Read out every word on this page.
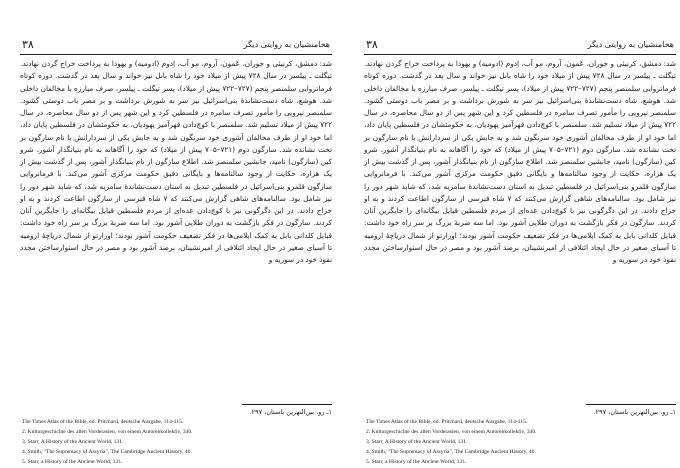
۳۸	هخامنشیان به روایتی دیگر

شد: دمشق، کرنیئی و حوران، عَمون، آروم، مو آب، اِدوم (ادومیه) و یهودا به پرداخت خراج گردن نهادند. تیگلت ـ پیلسر در سال ۷۲۸ پیش از میلاد خود را شاه بابل نیز خواند و سال بعد در گذشت. دوره کوتاه فرمانروایی سلمنصر پنجم (۷۲۷–۷۲۲ پیش از میلاد)، پسر تیگلت ـ پیلسر، صرف مبارزه با مخالفان داخلی شد. هوشع، شاه دست‌نشاندهٔ بنی‌اسرائیل نیز سر به شورش برداشت و بر مصر باب دوستی گشود. سلمنصر نیرویی را مأمور تصرف سامره در فلسطین کرد و این شهر پس از دو سال محاصره، در سال ۷۲۲ پیش از میلاد تسلیم شد. سلمنصر با کوچ‌دادن قهرآمیز یهودیان، به حکومتشان در فلسطین پایان داد، اما خود او از طرف مخالفان آشوری خود سرنگون شد و به جایش یکی از سردارانش با نام سارگون بر تخت نشانده شد. سارگون دوم (۷۲۱–۷۰۵ پیش از میلاد) که خود را آگاهانه به نام بنیانگذار آشور، شرو کین (سارگون) نامید، جانشین سلمنصر شد. اطلاع سارگون از نام بنیانگذار آشور، پس از گذشت بیش از یک هزاره، حکایت از وجود سالنامه‌ها و بایگانی دقیق حکومت مرکزی آشور می‌کند. با فرمانروایی سارگون قلمرو بنی‌اسرائیل در فلسطین تبدیل به استان دست‌نشاندهٔ سامریه شد، که شاید شهر دور را نیز شامل بود. سالنامه‌های شاهی گزارش می‌کنند که ۷ شاه قبرسی از سارگون اطاعت کردند و به او خراج دادند. در این دگرگونی نیز با کوچ‌دادن عده‌ای از مردم فلسطین قبایل بیگانه‌ای را جایگزین آنان کردند. سارگون در فکر بازگشت به دوران طلایی آشور بود. اما سه ضربهٔ بزرگ بر سر راه خود داشت: قبایل کلدانی بابل به کمک ایلامی‌ها در فکر تضعیف حکومت آشور بودند؛ اورارتو از شمال دریاچهٔ ارومیه تا آسیای صغیر در حال ایجاد ائتلافی از امیرنشینان، برضد آشور بود و مصر در حال استوارساختن مجدد نفوذ خود در سوریه و

۱ـ رو، بین‌النهرین باستان، ۲۹۷.
The Times Atlas of the Bible, ed. Pritchard, deutsche Ausgabe, 114-115.
2. Kulturgeschichte des alten Vorderasien, von einem Autorenkollektiv, 340.
3. Starr, A History of the Ancient World, 131.
4. Smith, "The Supremacy of Assyria", The Cambridge Ancient History, 46.
5. Starr, a History of the Ancient World, 131.
۳۸	هخامنشیان به روایتی دیگر

شد: دمشق، کرنیئی و حوران، عَمون، آروم، مو آب، اِدوم (ادومیه) و یهودا به پرداخت خراج گردن نهادند. تیگلت ـ پیلسر در سال ۷۲۸ پیش از میلاد خود را شاه بابل نیز خواند و سال بعد در گذشت. دوره کوتاه فرمانروایی سلمنصر پنجم (۷۲۷–۷۲۲ پیش از میلاد)، پسر تیگلت ـ پیلسر، صرف مبارزه با مخالفان داخلی شد. هوشع، شاه دست‌نشاندهٔ بنی‌اسرائیل نیز سر به شورش برداشت و بر مصر باب دوستی گشود. سلمنصر نیرویی را مأمور تصرف سامره در فلسطین کرد و این شهر پس از دو سال محاصره، در سال ۷۲۲ پیش از میلاد تسلیم شد. سلمنصر با کوچ‌دادن قهرآمیز یهودیان، به حکومتشان در فلسطین پایان داد، اما خود او از طرف مخالفان آشوری خود سرنگون شد و به جایش یکی از سردارانش با نام سارگون بر تخت نشانده شد. سارگون دوم (۷۲۱–۷۰۵ پیش از میلاد) که خود را آگاهانه به نام بنیانگذار آشور، شرو کین (سارگون) نامید، جانشین سلمنصر شد. اطلاع سارگون از نام بنیانگذار آشور، پس از گذشت بیش از یک هزاره، حکایت از وجود سالنامه‌ها و بایگانی دقیق حکومت مرکزی آشور می‌کند. با فرمانروایی سارگون قلمرو بنی‌اسرائیل در فلسطین تبدیل به استان دست‌نشاندهٔ سامریه شد، که شاید شهر دور را نیز شامل بود. سالنامه‌های شاهی گزارش می‌کنند که ۷ شاه قبرسی از سارگون اطاعت کردند و به او خراج دادند. در این دگرگونی نیز با کوچ‌دادن عده‌ای از مردم فلسطین قبایل بیگانه‌ای را جایگزین آنان کردند. سارگون در فکر بازگشت به دوران طلایی آشور بود. اما سه ضربهٔ بزرگ بر سر راه خود داشت: قبایل کلدانی بابل به کمک ایلامی‌ها در فکر تضعیف حکومت آشور بودند؛ اورارتو از شمال دریاچهٔ ارومیه تا آسیای صغیر در حال ایجاد ائتلافی از امیرنشینان، برضد آشور بود و مصر در حال استوارساختن مجدد نفوذ خود در سوریه و

۱ـ رو، بین‌النهرین باستان، ۲۹۷.
The Times Atlas of the Bible, ed. Pritchard, deutsche Ausgabe, 114-115.
2. Kulturgeschichte des alten Vorderasien, von einem Autorenkollektiv, 340.
3. Starr, A History of the Ancient World, 131.
4. Smith, "The Supremacy of Assyria", The Cambridge Ancient History, 46.
5. Starr, a History of the Ancient World, 131.
